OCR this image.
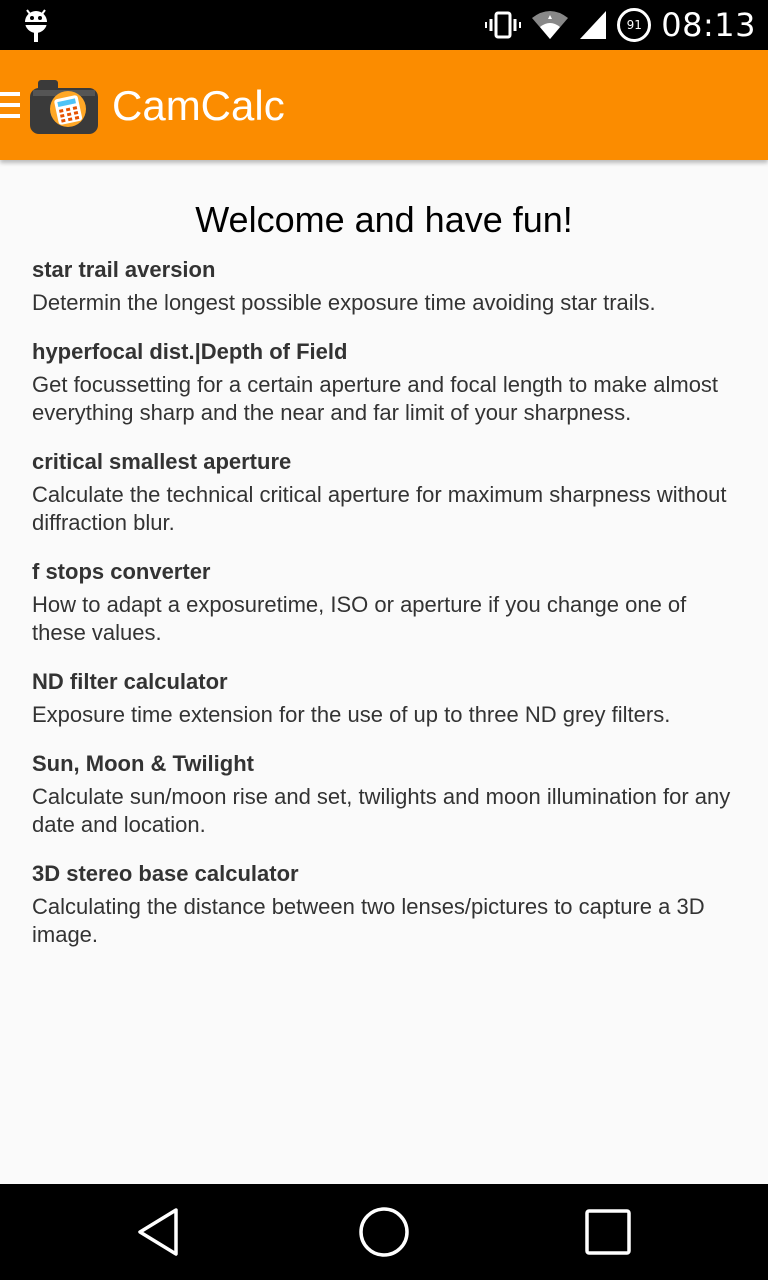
91 08:13
CamCalc
Welcome and have fun!
star trail aversion
Determin the longest possible exposure time avoiding star trails.
hyperfocal dist.|Depth of Field
Get focussetting for a certain aperture and focal length to make almost everything sharp and the near and far limit of your sharpness.
critical smallest aperture
Calculate the technical critical aperture for maximum sharpness without diffraction blur.
f stops converter
How to adapt a exposuretime, ISO or aperture if you change one of these values.
ND filter calculator
Exposure time extension for the use of up to three ND grey filters.
Sun, Moon & Twilight
Calculate sun/moon rise and set, twilights and moon illumination for any date and location.
3D stereo base calculator
Calculating the distance between two lenses/pictures to capture a 3D image.
